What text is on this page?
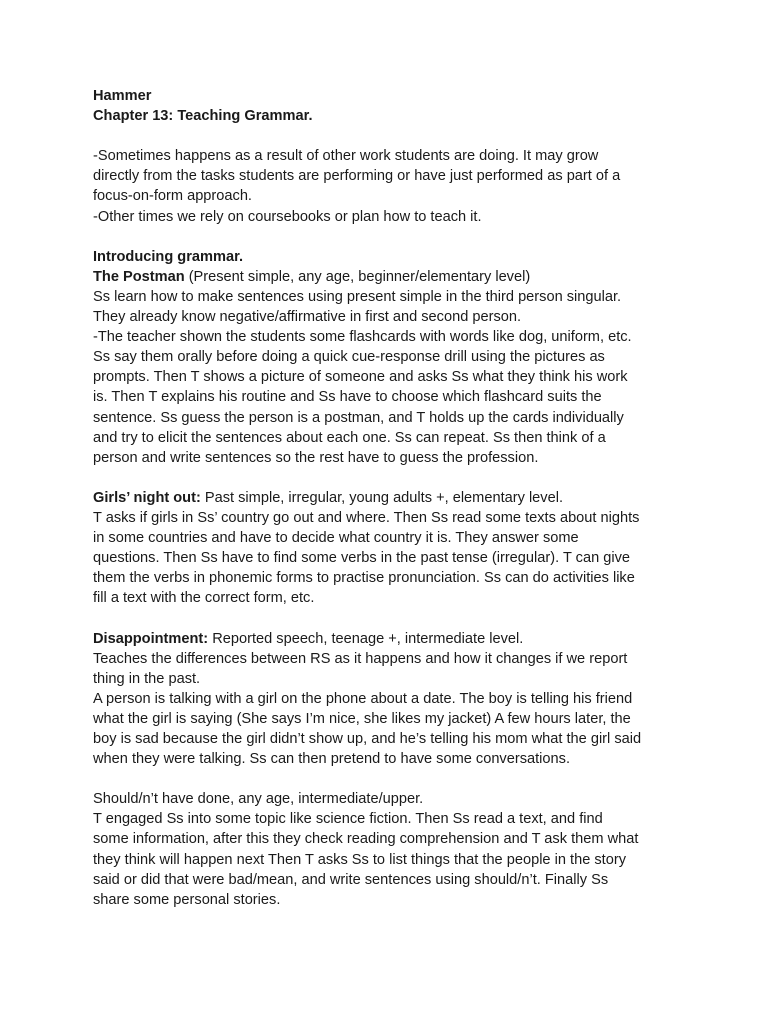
Hammer
Chapter 13: Teaching Grammar.
-Sometimes happens as a result of other work students are doing. It may grow
directly from the tasks students are performing or have just performed as part of a
focus-on-form approach.
-Other times we rely on coursebooks or plan how to teach it.
Introducing grammar.
The Postman (Present simple, any age, beginner/elementary level)
Ss learn how to make sentences using present simple in the third person singular.
They already know negative/affirmative in first and second person.
-The teacher shown the students some flashcards with words like dog, uniform, etc.
Ss say them orally before doing a quick cue-response drill using the pictures as
prompts. Then T shows a picture of someone and asks Ss what they think his work
is. Then T explains his routine and Ss have to choose which flashcard suits the
sentence. Ss guess the person is a postman, and T holds up the cards individually
and try to elicit the sentences about each one. Ss can repeat. Ss then think of a
person and write sentences so the rest have to guess the profession.
Girls’ night out: Past simple, irregular, young adults +, elementary level.
T asks if girls in Ss’ country go out and where. Then Ss read some texts about nights
in some countries and have to decide what country it is. They answer some
questions. Then Ss have to find some verbs in the past tense (irregular). T can give
them the verbs in phonemic forms to practise pronunciation. Ss can do activities like
fill a text with the correct form, etc.
Disappointment: Reported speech, teenage +, intermediate level.
Teaches the differences between RS as it happens and how it changes if we report
thing in the past.
A person is talking with a girl on the phone about a date. The boy is telling his friend
what the girl is saying (She says I’m nice, she likes my jacket) A few hours later, the
boy is sad because the girl didn’t show up, and he’s telling his mom what the girl said
when they were talking. Ss can then pretend to have some conversations.
Should/n’t have done, any age, intermediate/upper.
T engaged Ss into some topic like science fiction. Then Ss read a text, and find
some information, after this they check reading comprehension and T ask them what
they think will happen next Then T asks Ss to list things that the people in the story
said or did that were bad/mean, and write sentences using should/n’t. Finally Ss
share some personal stories.
